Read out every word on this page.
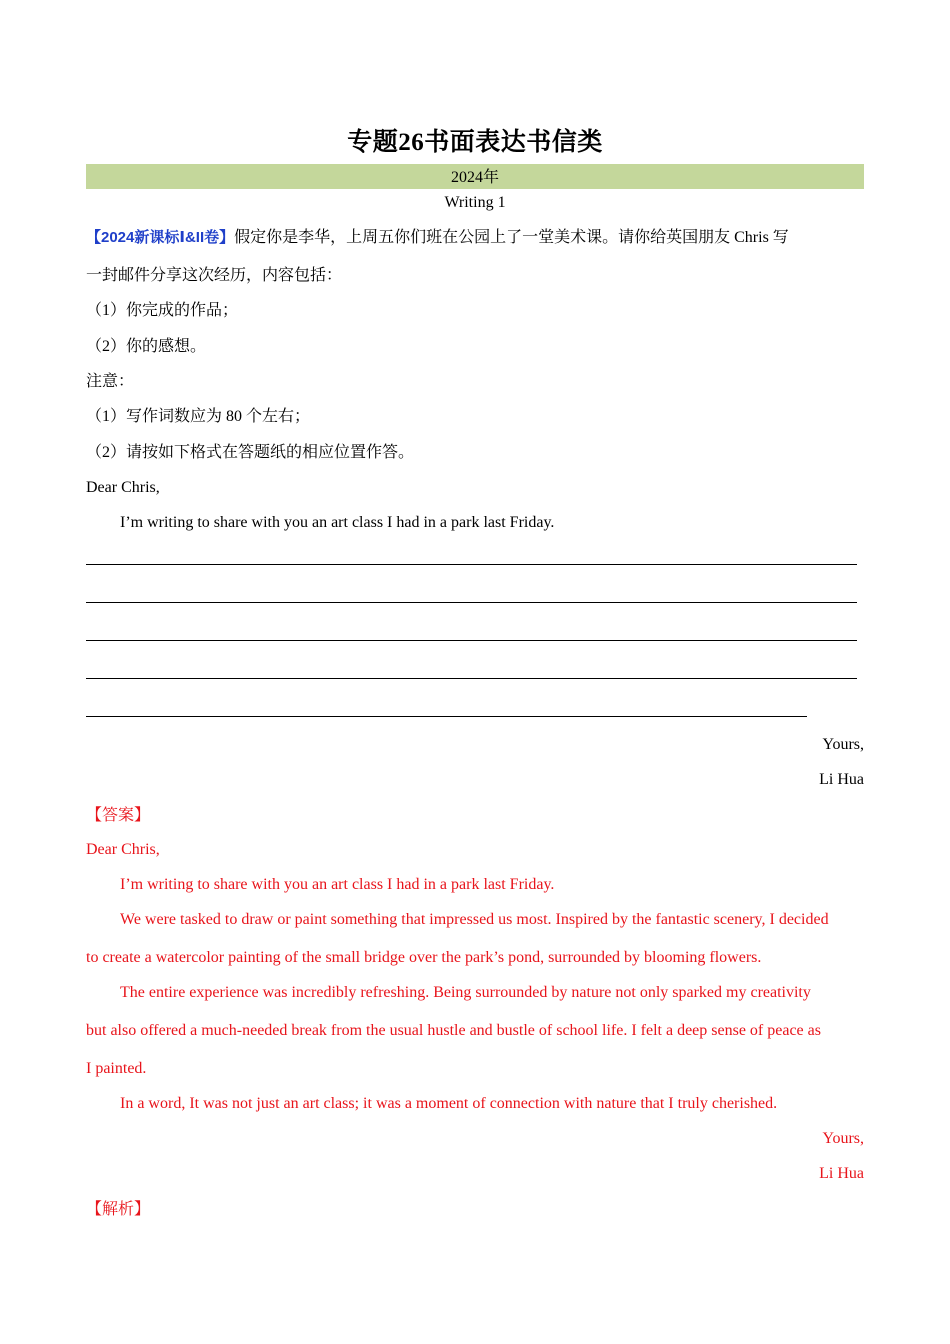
专题26书面表达书信类
2024年
Writing 1
【2024新课标Ⅰ&II卷】假定你是李华，上周五你们班在公园上了一堂美术课。请你给英国朋友 Chris 写
一封邮件分享这次经历，内容包括：
（1）你完成的作品；
（2）你的感想。
注意：
（1）写作词数应为 80 个左右；
（2）请按如下格式在答题纸的相应位置作答。
Dear Chris,
I’m writing to share with you an art class I had in a park last Friday.
Yours,
Li Hua
【答案】
Dear Chris,
I’m writing to share with you an art class I had in a park last Friday.
We were tasked to draw or paint something that impressed us most. Inspired by the fantastic scenery, I decided
to create a watercolor painting of the small bridge over the park’s pond, surrounded by blooming flowers.
The entire experience was incredibly refreshing. Being surrounded by nature not only sparked my creativity
but also offered a much-needed break from the usual hustle and bustle of school life. I felt a deep sense of peace as
I painted.
In a word, It was not just an art class; it was a moment of connection with nature that I truly cherished.
Yours,
Li Hua
【解析】
